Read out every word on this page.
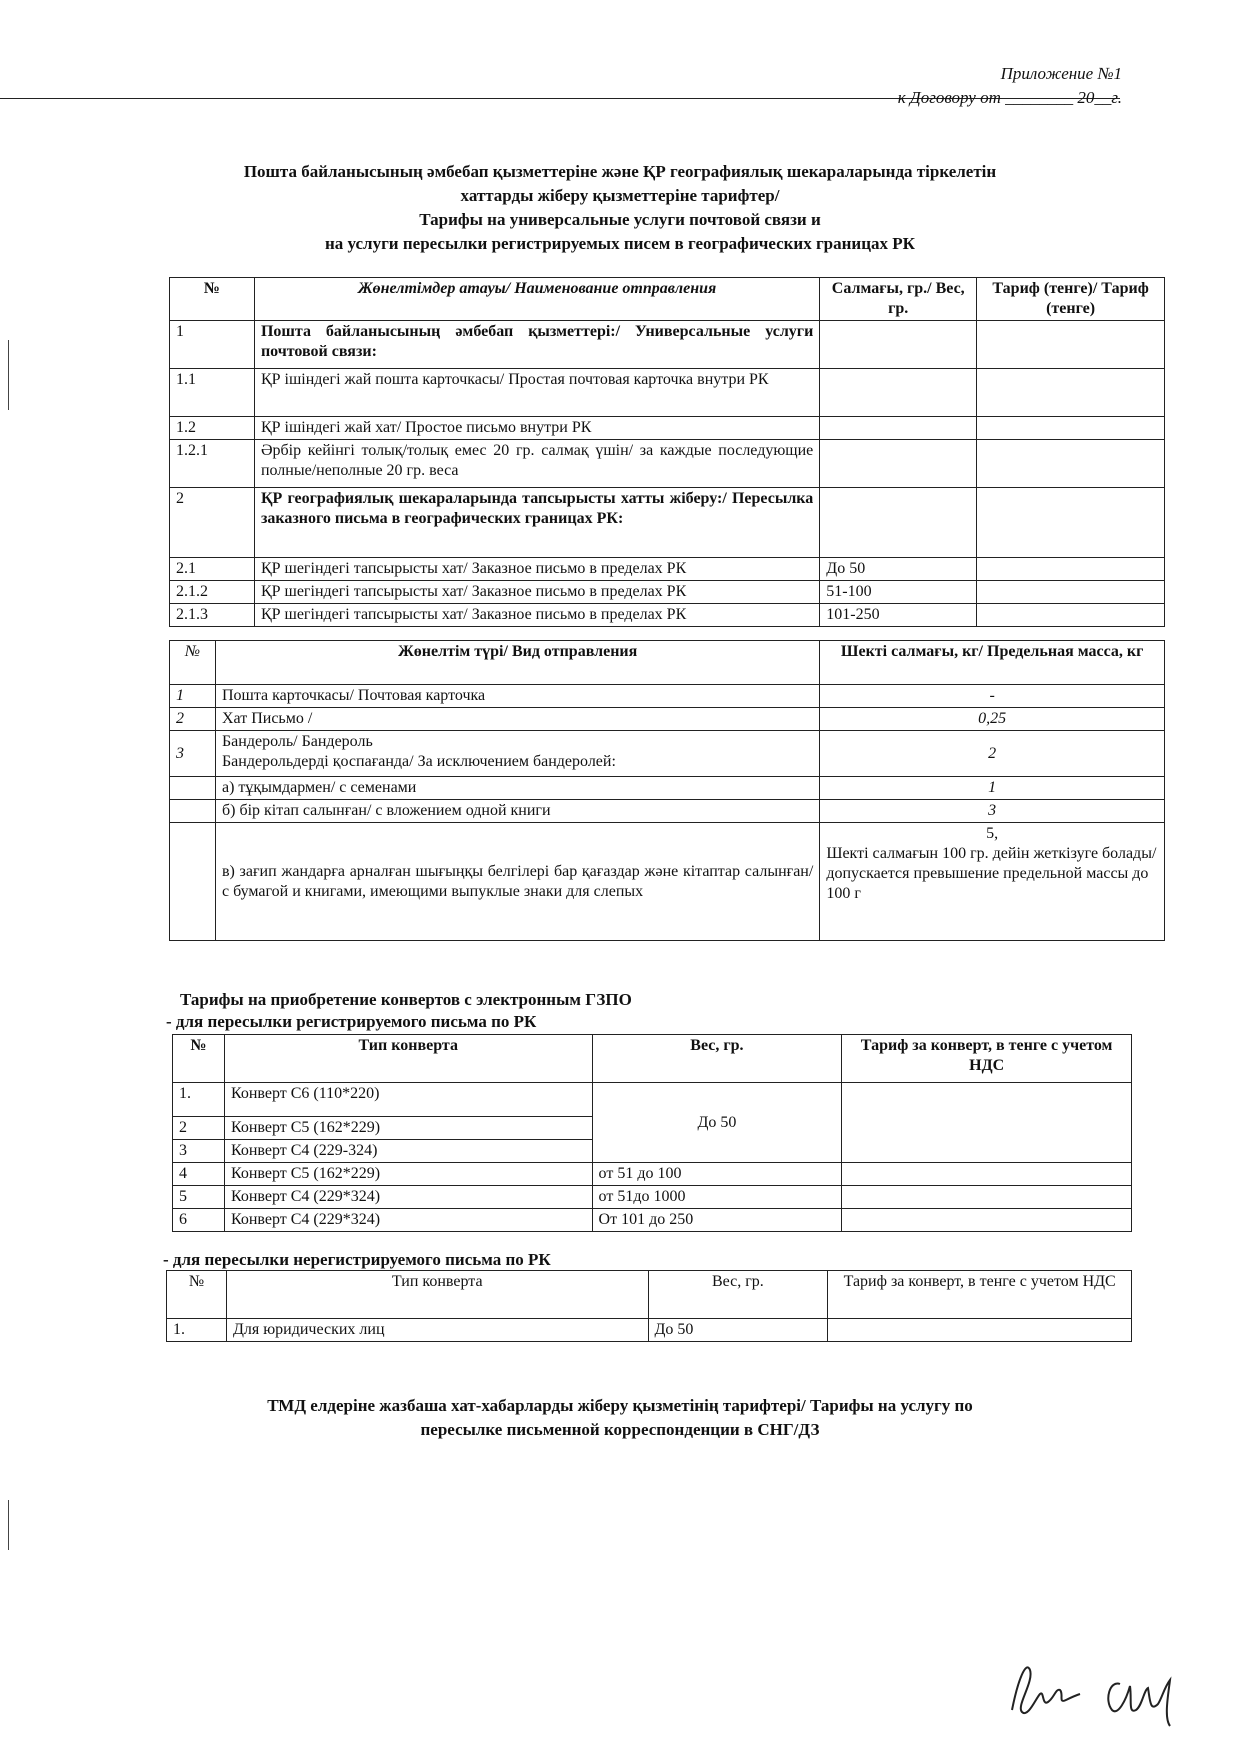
Приложение №1
к Договору от ________ 20__г.
Пошта байланысының әмбебап қызметтеріне және ҚР географиялық шекараларында тіркелетін
хаттарды жіберу қызметтеріне тарифтер/
Тарифы на универсальные услуги почтовой связи и
на услуги пересылки регистрируемых писем в географических границах РК
№	Жөнелтімдер атауы/ Наименование отправления	Салмағы, гр./ Вес, гр.	Тариф (тенге)/ Тариф (тенге)
1	Пошта байланысының әмбебап қызметтері:/ Универсальные услуги почтовой связи:		
1.1	ҚР ішіндегі жай пошта карточкасы/ Простая почтовая карточка внутри РК		
1.2	ҚР ішіндегі жай хат/ Простое письмо внутри РК		
1.2.1	Әрбір кейінгі толық/толық емес 20 гр. салмақ үшін/ за каждые последующие полные/неполные 20 гр. веса		
2	ҚР географиялық шекараларында тапсырысты хатты жіберу:/ Пересылка заказного письма в географических границах РК:		
2.1	ҚР шегіндегі тапсырысты хат/ Заказное письмо в пределах РК	До 50	
2.1.2	ҚР шегіндегі тапсырысты хат/ Заказное письмо в пределах РК	51-100	
2.1.3	ҚР шегіндегі тапсырысты хат/ Заказное письмо в пределах РК	101-250	
№	Жөнелтім түрі/ Вид отправления	Шекті салмағы, кг/ Предельная масса, кг
1	Пошта карточкасы/ Почтовая карточка	-
2	Хат Письмо /	0,25
3	Бандероль/ Бандероль
Бандерольдерді қоспағанда/ За исключением бандеролей:	2
	а) тұқымдармен/ с семенами	1
	б) бір кітап салынған/ с вложением одной книги	3
	в) зағип жандарға арналған шығыңқы белгілері бар қағаздар және кітаптар салынған/ с бумагой и книгами, имеющими выпуклые знаки для слепых	5,
Шекті салмағын 100 гр. дейін жеткізуге болады/ допускается превышение предельной массы до 100 г
Тарифы на приобретение конвертов с электронным ГЗПО
- для пересылки регистрируемого письма по РК
№	Тип конверта	Вес, гр.	Тариф за конверт, в тенге с учетом НДС
1.	Конверт С6 (110*220)	До 50	
2	Конверт С5 (162*229)		
3	Конверт С4 (229-324)		
4	Конверт С5 (162*229)	от 51 до 100	
5	Конверт С4 (229*324)	от 51до 1000	
6	Конверт С4 (229*324)	От 101 до 250	
- для пересылки нерегистрируемого письма по РК
№	Тип конверта	Вес, гр.	Тариф за конверт, в тенге с учетом НДС
1.	Для юридических лиц	До 50	
ТМД елдеріне жазбаша хат-хабарларды жіберу қызметінің тарифтері/ Тарифы на услугу по
пересылке письменной корреспонденции в СНГ/ДЗ
